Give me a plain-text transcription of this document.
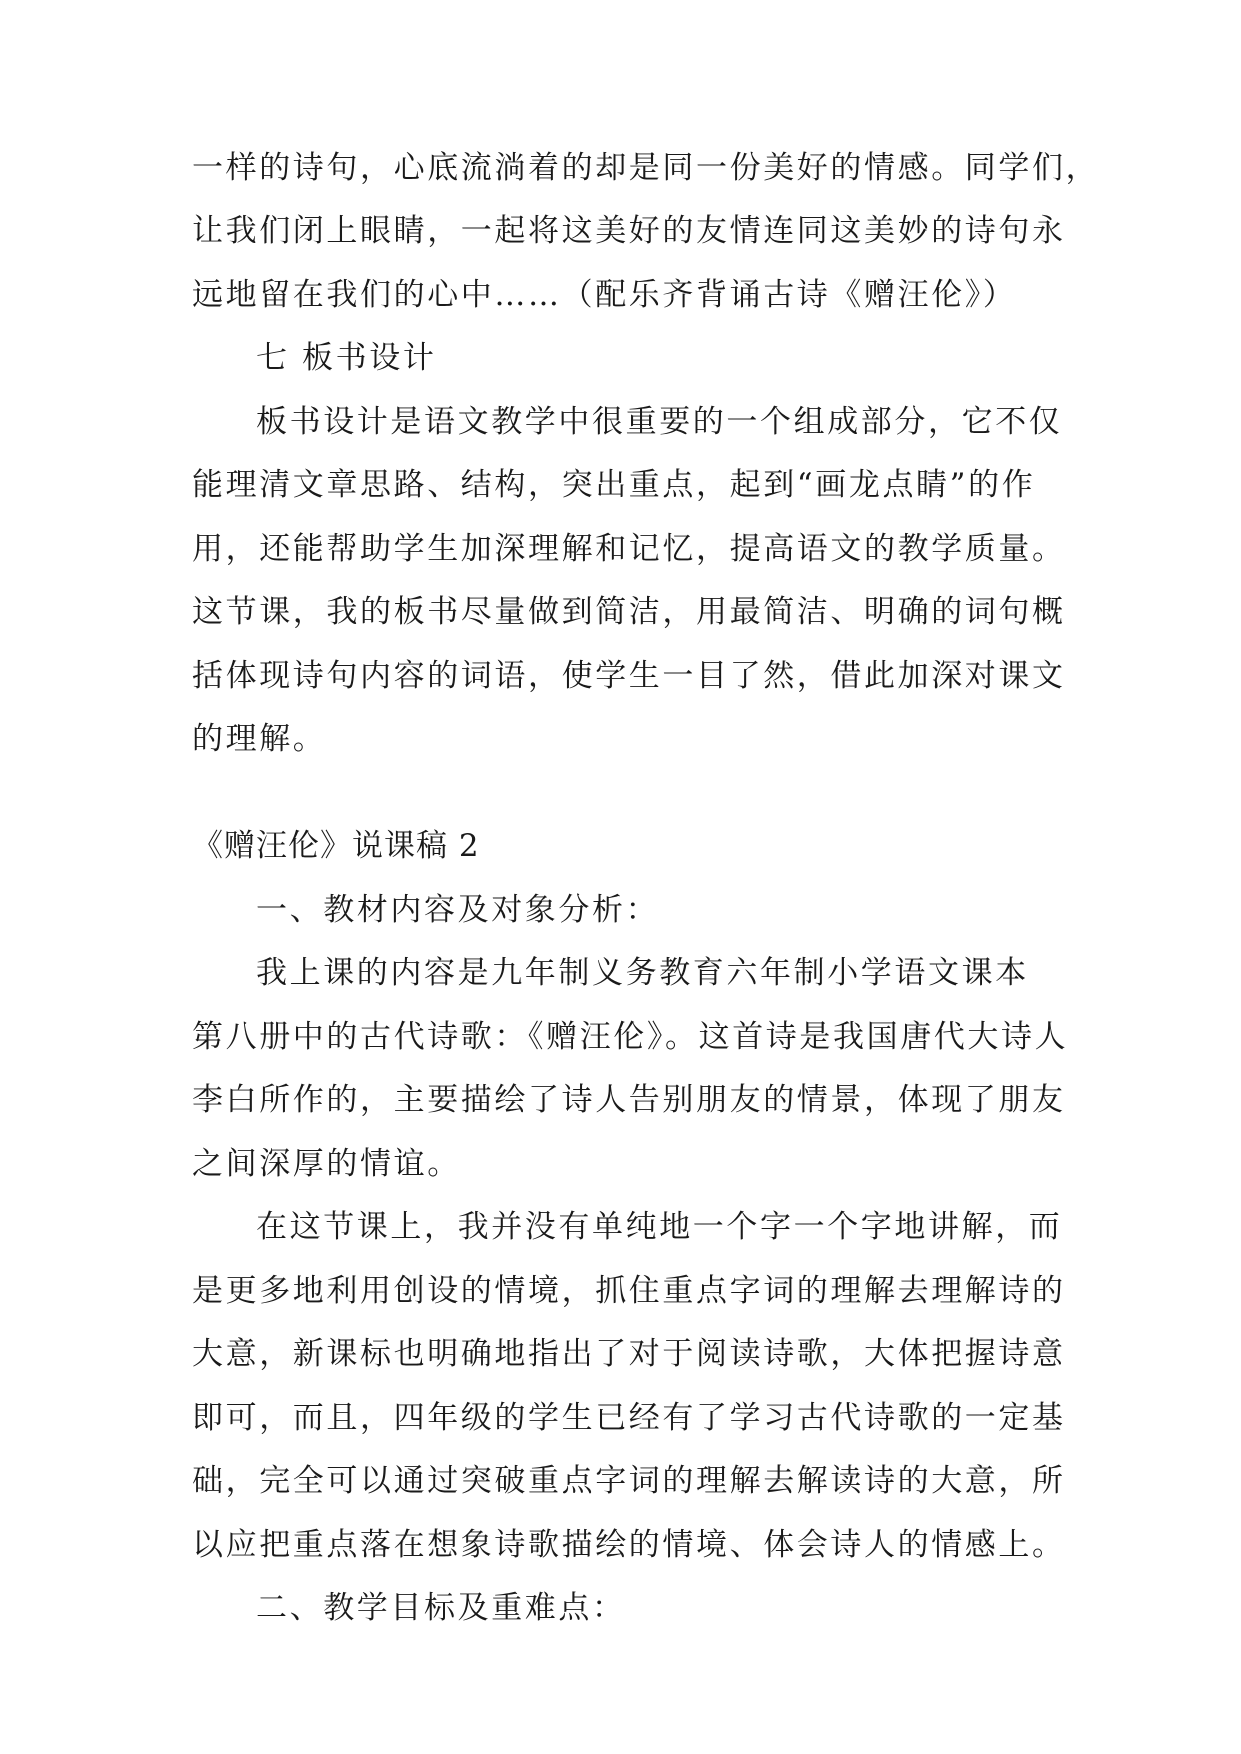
一样的诗句，心底流淌着的却是同一份美好的情感。同学们，
让我们闭上眼睛，一起将这美好的友情连同这美妙的诗句永
远地留在我们的心中……（配乐齐背诵古诗《赠汪伦》）
七 板书设计
板书设计是语文教学中很重要的一个组成部分，它不仅
能理清文章思路、结构，突出重点，起到“画龙点睛”的作
用，还能帮助学生加深理解和记忆，提高语文的教学质量。
这节课，我的板书尽量做到简洁，用最简洁、明确的词句概
括体现诗句内容的词语，使学生一目了然，借此加深对课文
的理解。
《赠汪伦》说课稿 2
一、教材内容及对象分析：
我上课的内容是九年制义务教育六年制小学语文课本
第八册中的古代诗歌：《赠汪伦》。这首诗是我国唐代大诗人
李白所作的，主要描绘了诗人告别朋友的情景，体现了朋友
之间深厚的情谊。
在这节课上，我并没有单纯地一个字一个字地讲解，而
是更多地利用创设的情境，抓住重点字词的理解去理解诗的
大意，新课标也明确地指出了对于阅读诗歌，大体把握诗意
即可，而且，四年级的学生已经有了学习古代诗歌的一定基
础，完全可以通过突破重点字词的理解去解读诗的大意，所
以应把重点落在想象诗歌描绘的情境、体会诗人的情感上。
二、教学目标及重难点：
